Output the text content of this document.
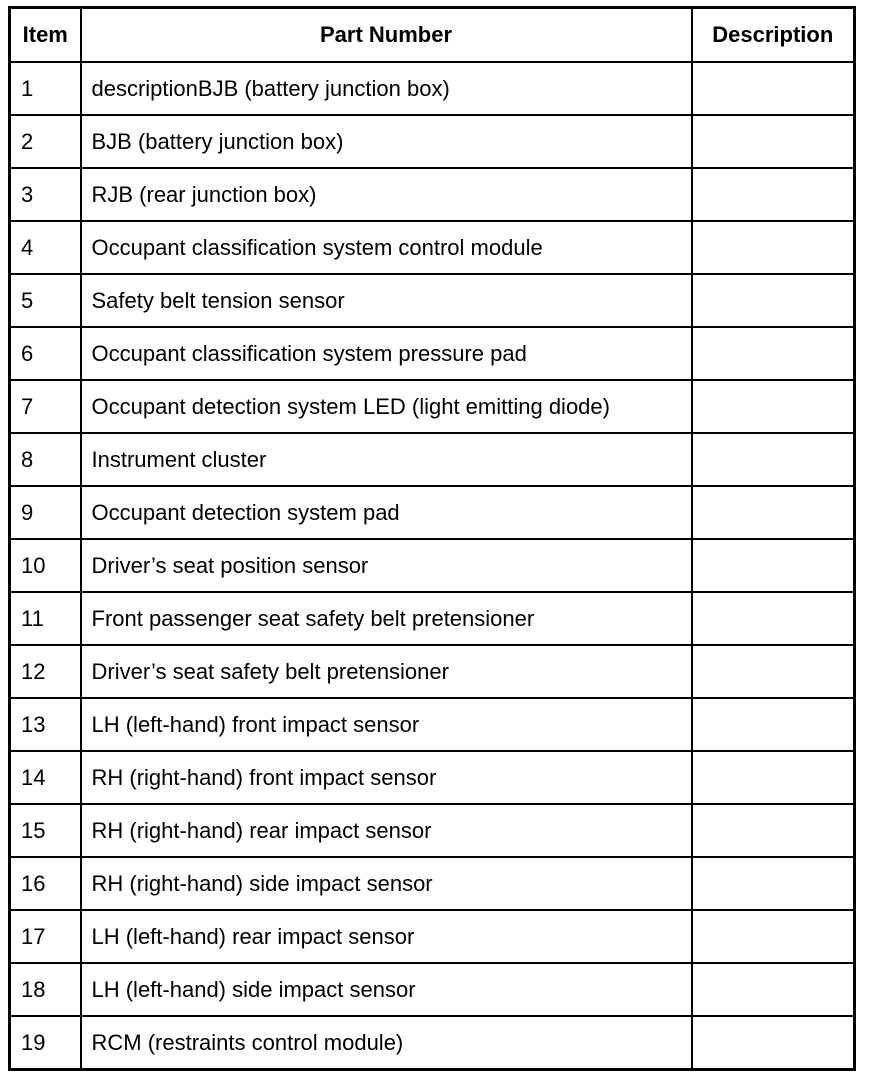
Item	Part Number	Description
1	descriptionBJB (battery junction box)	
2	BJB (battery junction box)	
3	RJB (rear junction box)	
4	Occupant classification system control module	
5	Safety belt tension sensor	
6	Occupant classification system pressure pad	
7	Occupant detection system LED (light emitting diode)	
8	Instrument cluster	
9	Occupant detection system pad	
10	Driver’s seat position sensor	
11	Front passenger seat safety belt pretensioner	
12	Driver’s seat safety belt pretensioner	
13	LH (left-hand) front impact sensor	
14	RH (right-hand) front impact sensor	
15	RH (right-hand) rear impact sensor	
16	RH (right-hand) side impact sensor	
17	LH (left-hand) rear impact sensor	
18	LH (left-hand) side impact sensor	
19	RCM (restraints control module)	
